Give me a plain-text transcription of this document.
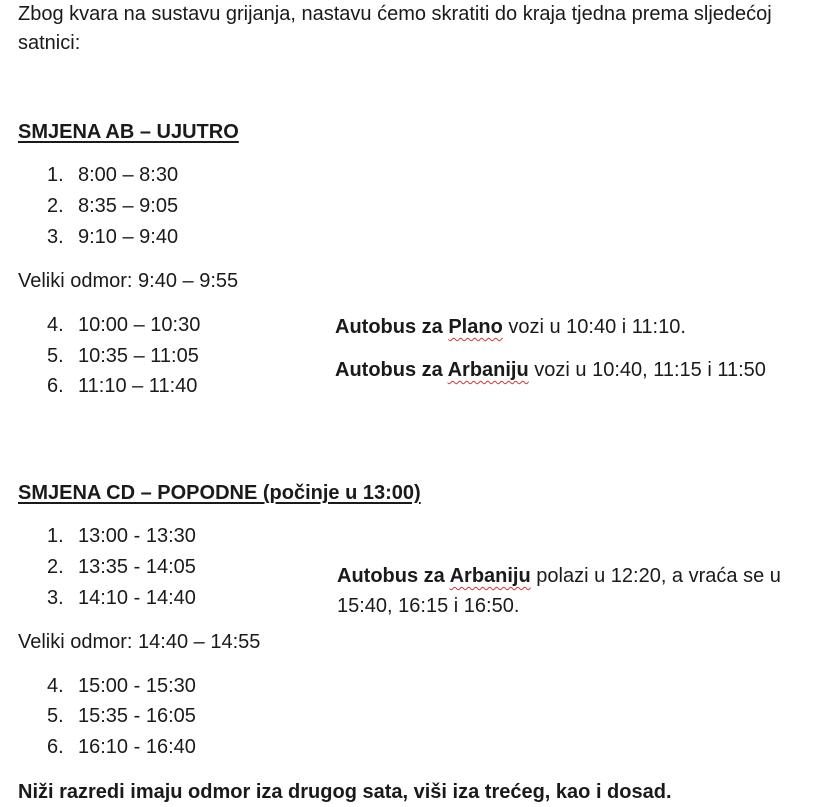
Zbog kvara na sustavu grijanja, nastavu ćemo skratiti do kraja tjedna prema sljedećoj satnici:
SMJENA AB – UJUTRO
1. 8:00 – 8:30
2. 8:35 – 9:05
3. 9:10 – 9:40
Veliki odmor: 9:40 – 9:55
4. 10:00 – 10:30
5. 10:35 – 11:05
6. 11:10 – 11:40
Autobus za Plano vozi u 10:40 i 11:10.
Autobus za Arbaniju vozi u 10:40, 11:15 i 11:50
SMJENA CD – POPODNE (počinje u 13:00)
1. 13:00 - 13:30
2. 13:35 - 14:05
3. 14:10 - 14:40
Veliki odmor: 14:40 – 14:55
4. 15:00 - 15:30
5. 15:35 - 16:05
6. 16:10 - 16:40
Autobus za Arbaniju polazi u 12:20, a vraća se u
15:40, 16:15 i 16:50.
Niži razredi imaju odmor iza drugog sata, viši iza trećeg, kao i dosad.
